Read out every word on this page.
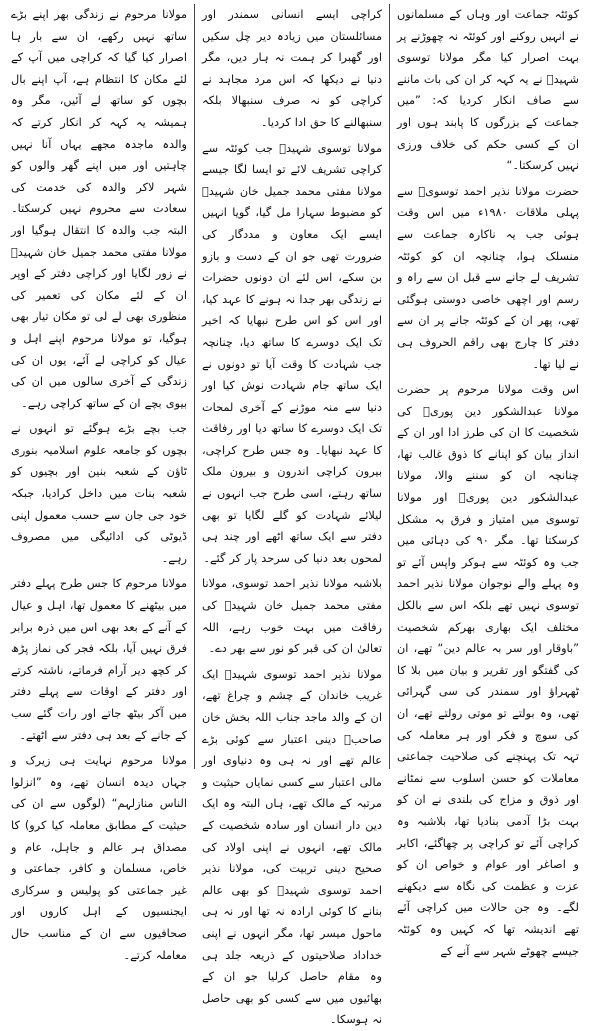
کوئٹہ جماعت اور وہاں کے مسلمانوں نے انہیں روکنے اور کوئٹہ نہ چھوڑنے پر بہت اصرار کیا مگر مولانا توسوی شہیدؒ نے یہ کہہ کر ان کی بات ماننے سے صاف انکار کردیا کہ: ”میں جماعت کے بزرگوں کا پابند ہوں اور ان کے کسی حکم کی خلاف ورزی نہیں کرسکتا۔“

حضرت مولانا نذیر احمد توسویؒ سے پہلی ملاقات ۱۹۸۰ء میں اس وقت ہوئی جب یہ ناکارہ جماعت سے منسلک ہوا، چنانچہ ان کو کوئٹہ تشریف لے جانے سے قبل ان سے راہ و رسم اور اچھی خاصی دوستی ہوگئی تھی، پھر ان کے کوئٹہ جانے پر ان سے دفتر کا چارج بھی راقم الحروف ہی نے لیا تھا۔

اس وقت مولانا مرحوم پر حضرت مولانا عبدالشکور دین پوریؒ کی شخصیت کا ان کی طرز ادا اور ان کے انداز بیان کو اپنانے کا ذوق غالب تھا، چنانچہ ان کو سننے والا، مولانا عبدالشکور دین پوریؒ اور مولانا توسوی میں امتیاز و فرق بہ مشکل کرسکتا تھا۔ مگر ۹۰ کی دہائی میں جب وہ کوئٹہ سے ہوکر واپس آئے تو وہ پہلے والے نوجوان مولانا نذیر احمد توسوی نہیں تھے بلکہ اس سے بالکل مختلف ایک بھاری بھرکم شخصیت ”باوقار اور سر بہ عالم دین“ تھے، ان کی گفتگو اور تقریر و بیان میں بلا کا ٹھہراؤ اور سمندر کی سی گہرائی تھی، وہ بولتے تو موتی رولتے تھے، ان کی سوچ و فکر اور ہر معاملہ کی تہہ تک پہنچنے کی صلاحیت جماعتی معاملات کو حسن اسلوب سے نمٹانے اور ذوق و مزاج کی بلندی نے ان کو بہت بڑا آدمی بنادیا تھا، بلاشبہ وہ کراچی آئے تو کراچی پر چھاگئے، اکابر و اصاغر اور عوام و خواص ان کو عزت و عظمت کی نگاہ سے دیکھنے لگے۔ وہ جن حالات میں کراچی آئے تھے اندیشہ تھا کہ کہیں وہ کوئٹہ جیسے چھوٹے شہر سے آنے کے

کراچی ایسے انسانی سمندر اور مسائلستان میں زیادہ دیر چل سکیں اور گھبرا کر ہمت نہ ہار دیں، مگر دنیا نے دیکھا کہ اس مرد مجاہد نے کراچی کو نہ صرف سنبھالا بلکہ سنبھالنے کا حق ادا کردیا۔

مولانا توسوی شہیدؒ جب کوئٹہ سے کراچی تشریف لائے تو ایسا لگا جیسے مولانا مفتی محمد جمیل خان شہیدؒ کو مضبوط سہارا مل گیا، گویا انہیں ایسے ایک معاون و مددگار کی ضرورت تھی جو ان کے دست و بازو بن سکے، اس لئے ان دونوں حضرات نے زندگی بھر جدا نہ ہونے کا عہد کیا، اور اس کو اس طرح نبھایا کہ اخیر تک ایک دوسرے کا ساتھ دیا، چنانچہ جب شہادت کا وقت آیا تو دونوں نے ایک ساتھ جام شہادت نوش کیا اور دنیا سے منہ موڑنے کے آخری لمحات تک ایک دوسرے کا ساتھ دیا اور رفاقت کا عہد نبھایا۔ وہ جس طرح کراچی، بیرون کراچی اندرون و بیرون ملک ساتھ رہتے، اسی طرح جب انہوں نے لیلائے شہادت کو گلے لگایا تو بھی دفتر سے ایک ساتھ اٹھے اور چند ہی لمحوں بعد دنیا کی سرحد پار کر گئے۔

بلاشبہ مولانا نذیر احمد توسوی، مولانا مفتی محمد جمیل خان شہیدؒ کی رفاقت میں بہت خوب رہے، اللہ تعالیٰ ان کی قبر کو نور سے بھر دے۔

مولانا نذیر احمد توسوی شہیدؒ ایک غریب خاندان کے چشم و چراغ تھے، ان کے والد ماجد جناب اللہ بخش خان صاحبؒ دینی اعتبار سے کوئی بڑے عالم تھے اور نہ ہی وہ دنیاوی اور مالی اعتبار سے کسی نمایاں حیثیت و مرتبہ کے مالک تھے، ہاں البتہ وہ ایک دین دار انسان اور سادہ شخصیت کے مالک تھے، انہوں نے اپنی اولاد کی صحیح دینی تربیت کی، مولانا نذیر احمد توسوی شہیدؒ کو بھی عالم بنانے کا کوئی ارادہ نہ تھا اور نہ ہی ماحول میسر تھا، مگر انہوں نے اپنی خداداد صلاحیتوں کے ذریعہ جلد ہی وہ مقام حاصل کرلیا جو ان کے بھائیوں میں سے کسی کو بھی حاصل نہ ہوسکا۔

مولانا مرحوم نے زندگی بھر اپنے بڑے ساتھ نہیں رکھے، ان سے بار ہا اصرار کیا گیا کہ کراچی میں آپ کے لئے مکان کا انتظام ہے، آپ اپنے بال بچوں کو ساتھ لے آئیں، مگر وہ ہمیشہ یہ کہہ کر انکار کرتے کہ والدہ ماجدہ مجھے یہاں آنا نہیں چاہتیں اور میں اپنے گھر والوں کو شہر لاکر والدہ کی خدمت کی سعادت سے محروم نہیں کرسکتا۔ البتہ جب والدہ کا انتقال ہوگیا اور مولانا مفتی محمد جمیل خان شہیدؒ نے زور لگایا اور کراچی دفتر کے اوپر ان کے لئے مکان کی تعمیر کی منظوری بھی لے لی تو مکان تیار بھی ہوگیا، تو مولانا مرحوم اپنے اہل و عیال کو کراچی لے آئے، یوں ان کی زندگی کے آخری سالوں میں ان کی بیوی بچے ان کے ساتھ کراچی رہے۔

جب بچے بڑے ہوگئے تو انہوں نے بچوں کو جامعہ علوم اسلامیہ بنوری ٹاؤن کے شعبہ بنین اور بچیوں کو شعبہ بنات میں داخل کرادیا، جبکہ خود جی جان سے حسب معمول اپنی ڈیوٹی کی ادائیگی میں مصروف رہے۔

مولانا مرحوم کا جس طرح پہلے دفتر میں بیٹھنے کا معمول تھا، اہل و عیال کے آنے کے بعد بھی اس میں ذرہ برابر فرق نہیں آیا، بلکہ فجر کی نماز پڑھ کر کچھ دیر آرام فرماتے، ناشتہ کرتے اور دفتر کے اوقات سے پہلے دفتر میں آکر بیٹھ جاتے اور رات گئے سب کے جانے کے بعد ہی دفتر سے اٹھتے۔

مولانا مرحوم نہایت ہی زیرک و جہاں دیدہ انسان تھے، وہ ”انزلوا الناس منازلہم“ (لوگوں سے ان کی حیثیت کے مطابق معاملہ کیا کرو) کا مصداق ہر عالم و جاہل، عام و خاص، مسلمان و کافر، جماعتی و غیر جماعتی کو پولیس و سرکاری ایجنسیوں کے اہل کاروں اور صحافیوں سے ان کے مناسب حال معاملہ کرتے۔
